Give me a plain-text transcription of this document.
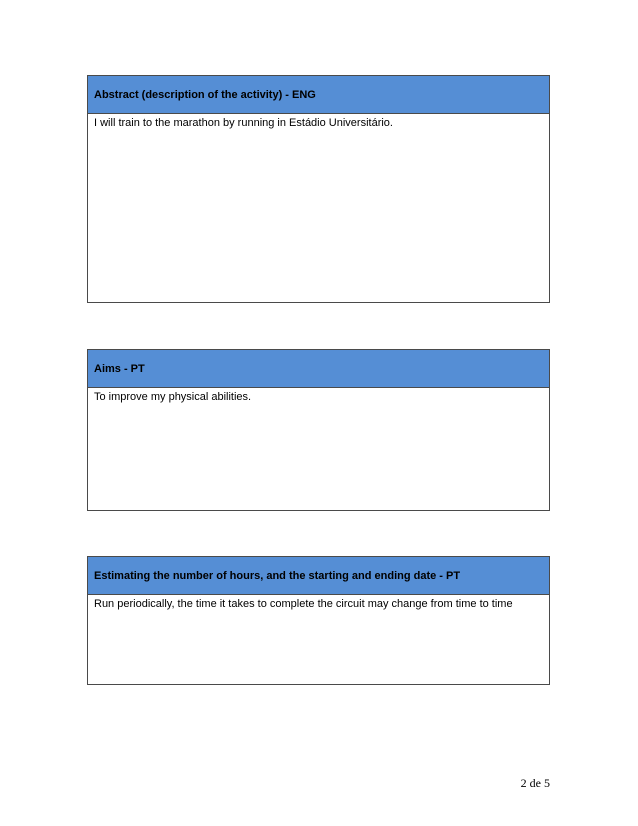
Abstract (description of the activity) - ENG
I will train to the marathon by running in Estádio Universitário.
Aims - PT
To improve my physical abilities.
Estimating the number of hours, and the starting and ending date - PT
Run periodically, the time it takes to complete the circuit may change from time to time
2 de 5
